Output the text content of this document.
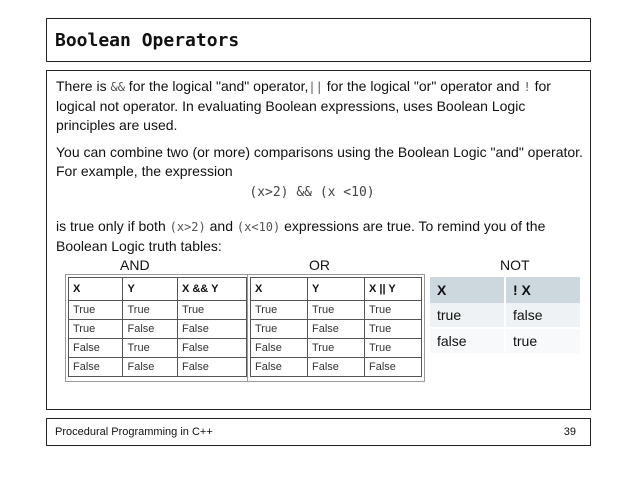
Boolean Operators
There is && for the logical "and" operator,|| for the logical "or" operator and ! for logical not operator. In evaluating Boolean expressions, uses Boolean Logic principles are used.
You can combine two (or more) comparisons using the Boolean Logic "and" operator. For example, the expression
(x>2) && (x <10)
is true only if both (x>2) and (x<10) expressions are true. To remind you of the Boolean Logic truth tables:
AND	OR	NOT
X	Y	X && Y
True	True	True
True	False	False
False	True	False
False	False	False
X	Y	X || Y
True	True	True
True	False	True
False	True	True
False	False	False
X	! X
true	false
false	true
Procedural Programming in C++	39
